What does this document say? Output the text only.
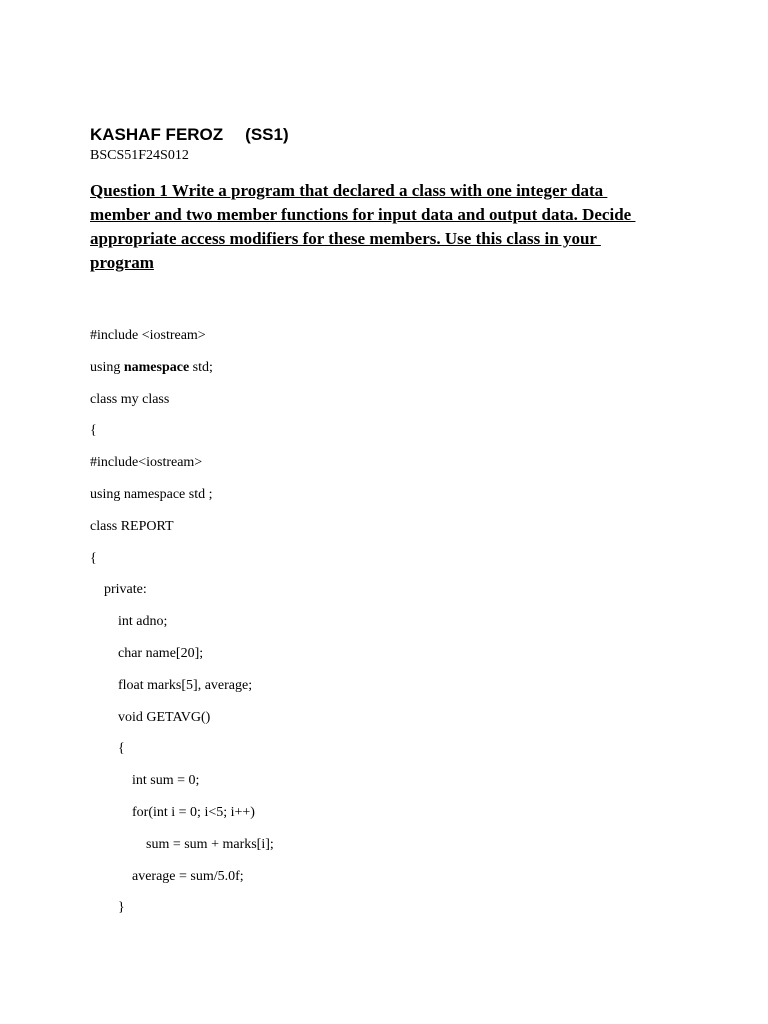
KASHAF FEROZ (SS1)
BSCS51F24S012
Question 1 Write a program that declared a class with one integer data
member and two member functions for input data and output data. Decide
appropriate access modifiers for these members. Use this class in your
program
#include <iostream>
using namespace std;
class my class
{
#include<iostream>
using namespace std ;
class REPORT
{
private:
int adno;
char name[20];
float marks[5], average;
void GETAVG()
{
int sum = 0;
for(int i = 0; i<5; i++)
sum = sum + marks[i];
average = sum/5.0f;
}
